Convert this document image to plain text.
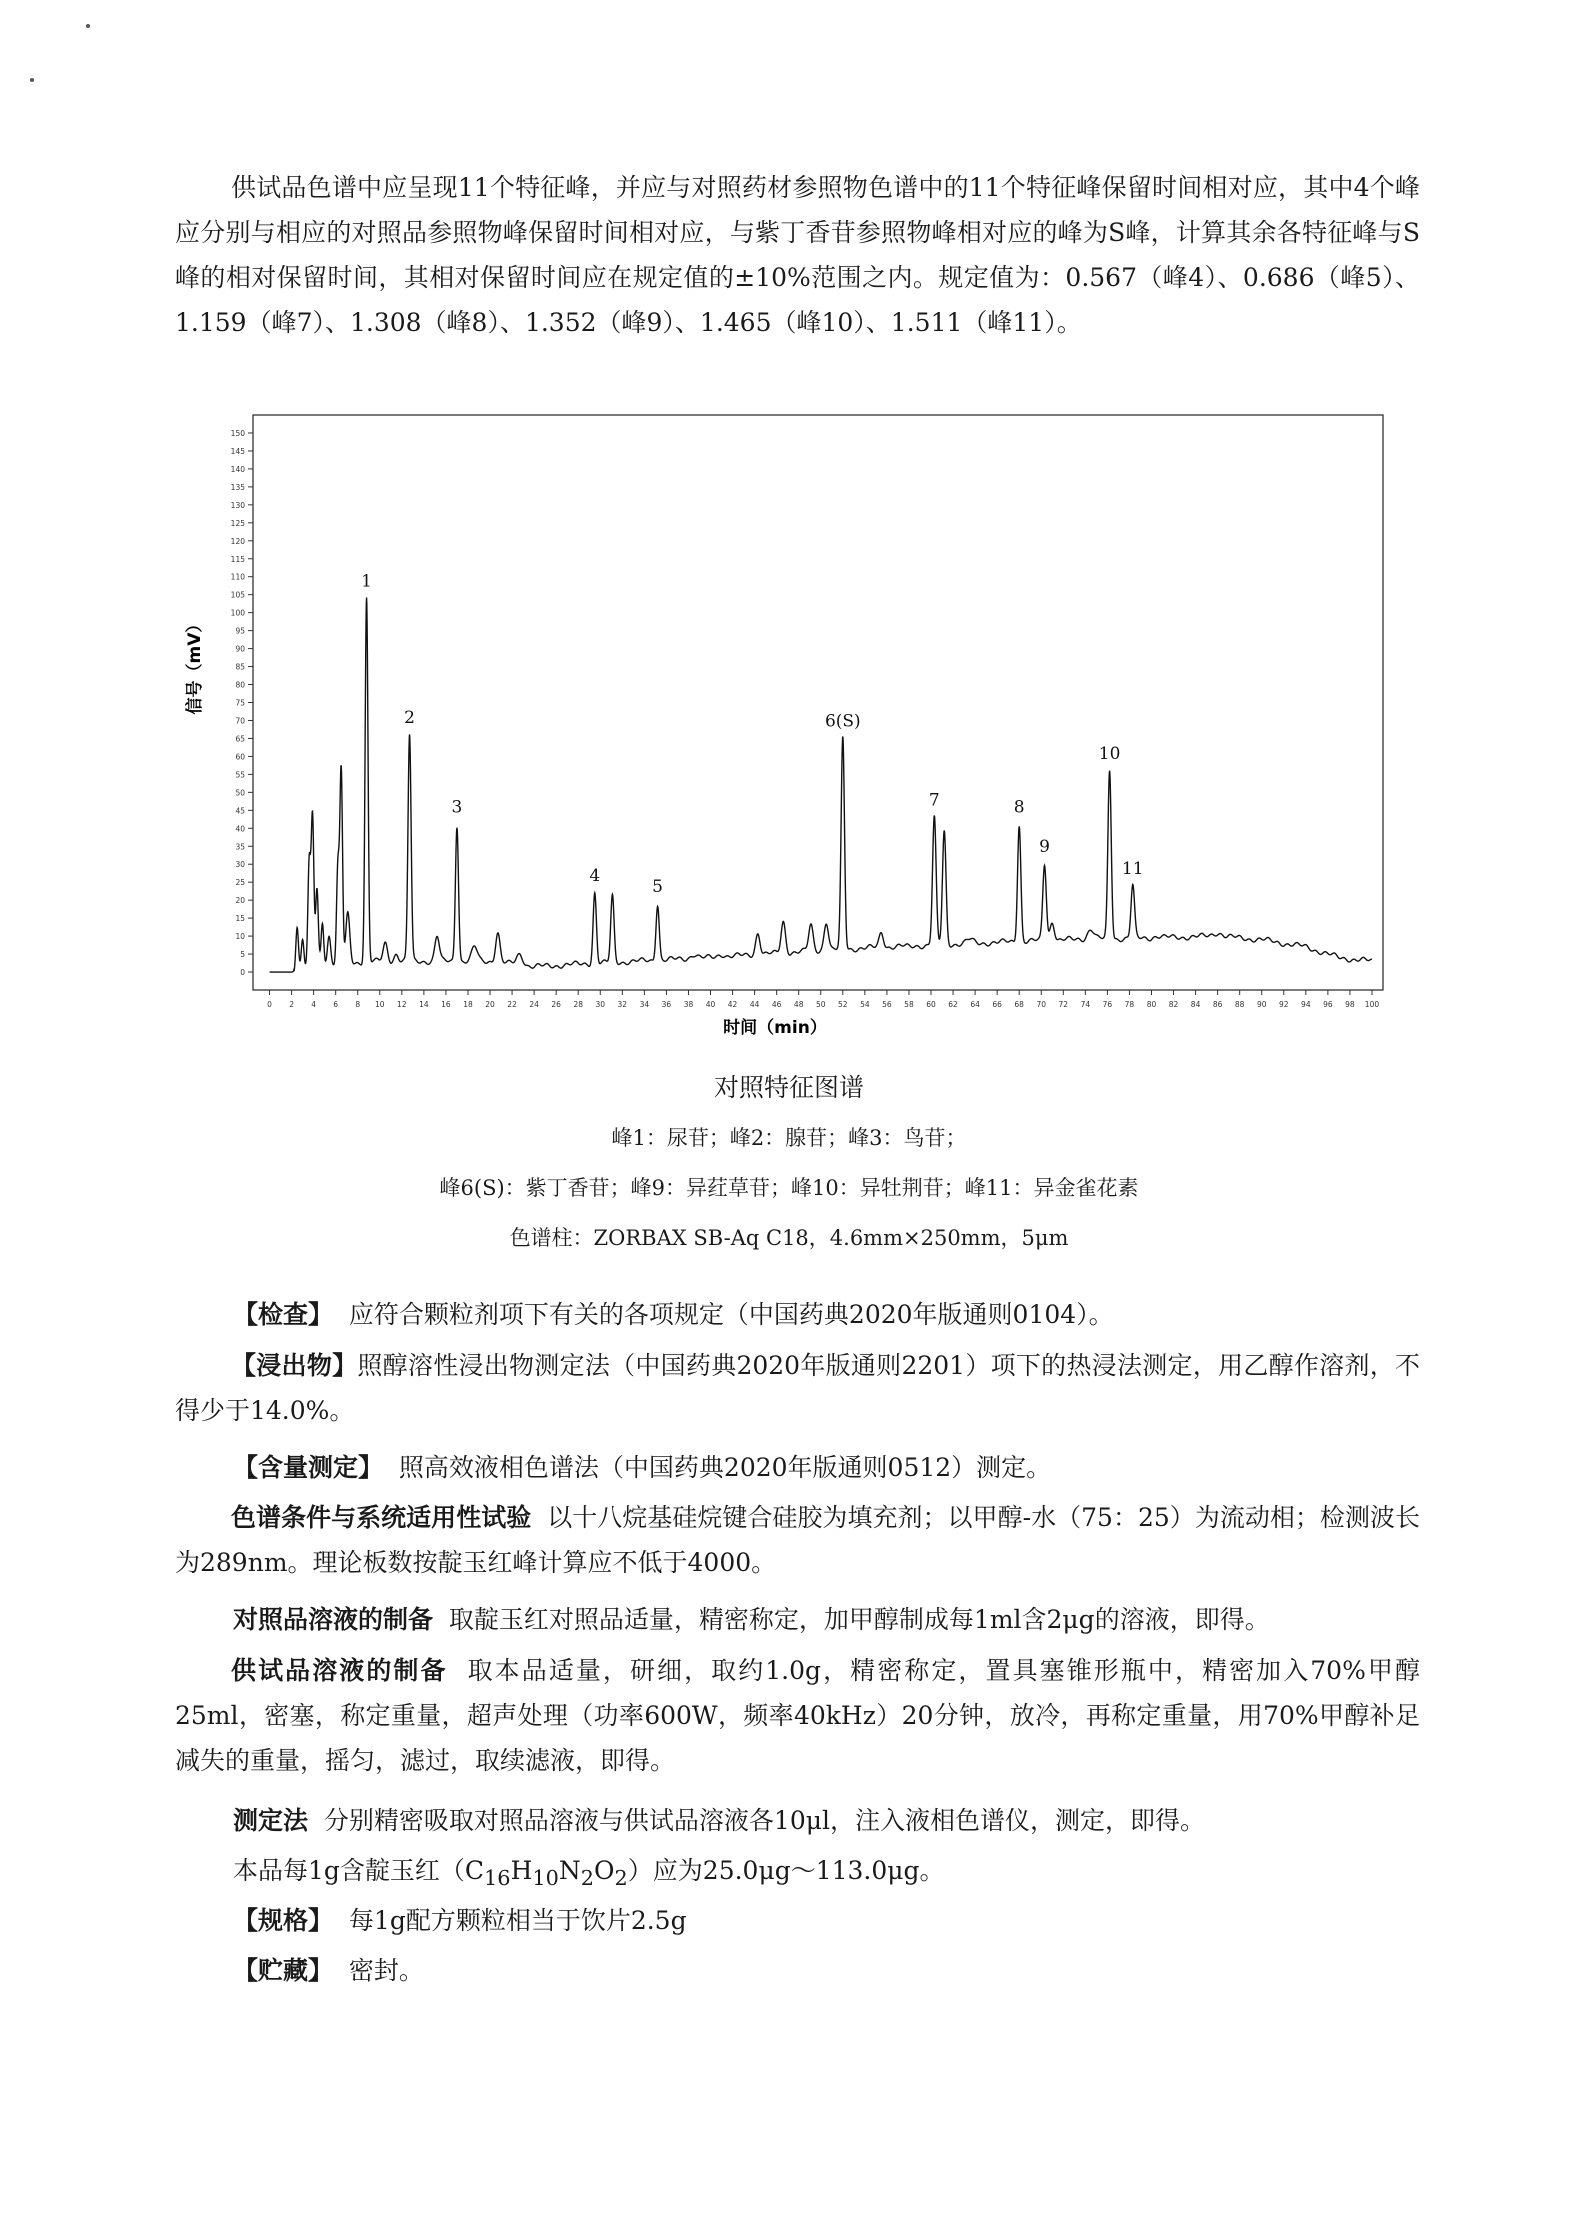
供试品色谱中应呈现11个特征峰，并应与对照药材参照物色谱中的11个特征峰保留时间相对应，其中4个峰应分别与相应的对照品参照物峰保留时间相对应，与紫丁香苷参照物峰相对应的峰为S峰，计算其余各特征峰与S峰的相对保留时间，其相对保留时间应在规定值的±10%范围之内。规定值为：0.567（峰4）、0.686（峰5）、1.159（峰7）、1.308（峰8）、1.352（峰9）、1.465（峰10）、1.511（峰11）。

0
5
10
15
20
25
30
35
40
45
50
55
60
65
70
75
80
85
90
95
100
105
110
115
120
125
130
135
140
145
150
0 2 4 6 8 10 12 14 16 18 20 22 24 26 28 30 32 34 36 38 40 42 44 46 48 50 52 54 56 58 60 62 64 66 68 70 72 74 76 78 80 82 84 86 88 90 92 94 96 98 100
1
2
3
4
5
6(S)
7	8
9
10
11
信号（mV）
时间（min）
对照特征图谱
峰1：尿苷；峰2：腺苷；峰3：鸟苷；
峰6(S)：紫丁香苷；峰9：异荭草苷；峰10：异牡荆苷；峰11：异金雀花素
色谱柱：ZORBAX SB-Aq C18，4.6mm×250mm，5μm
【检查】 应符合颗粒剂项下有关的各项规定（中国药典2020年版通则0104）。

【浸出物】照醇溶性浸出物测定法（中国药典2020年版通则2201）项下的热浸法测定，用乙醇作溶剂，不得少于14.0%。

【含量测定】 照高效液相色谱法（中国药典2020年版通则0512）测定。

色谱条件与系统适用性试验 以十八烷基硅烷键合硅胶为填充剂；以甲醇-水（75：25）为流动相；检测波长为289nm。理论板数按靛玉红峰计算应不低于4000。

对照品溶液的制备 取靛玉红对照品适量，精密称定，加甲醇制成每1ml含2μg的溶液，即得。

供试品溶液的制备 取本品适量，研细，取约1.0g，精密称定，置具塞锥形瓶中，精密加入70%甲醇25ml，密塞，称定重量，超声处理（功率600W，频率40kHz）20分钟，放冷，再称定重量，用70%甲醇补足减失的重量，摇匀，滤过，取续滤液，即得。

测定法 分别精密吸取对照品溶液与供试品溶液各10μl，注入液相色谱仪，测定，即得。
本品每1g含靛玉红$(C_{16}H_{10}N_2O_2)$应为25.0μg～113.0μg。
【规格】 每1g配方颗粒相当于饮片2.5g
【贮藏】 密封。
